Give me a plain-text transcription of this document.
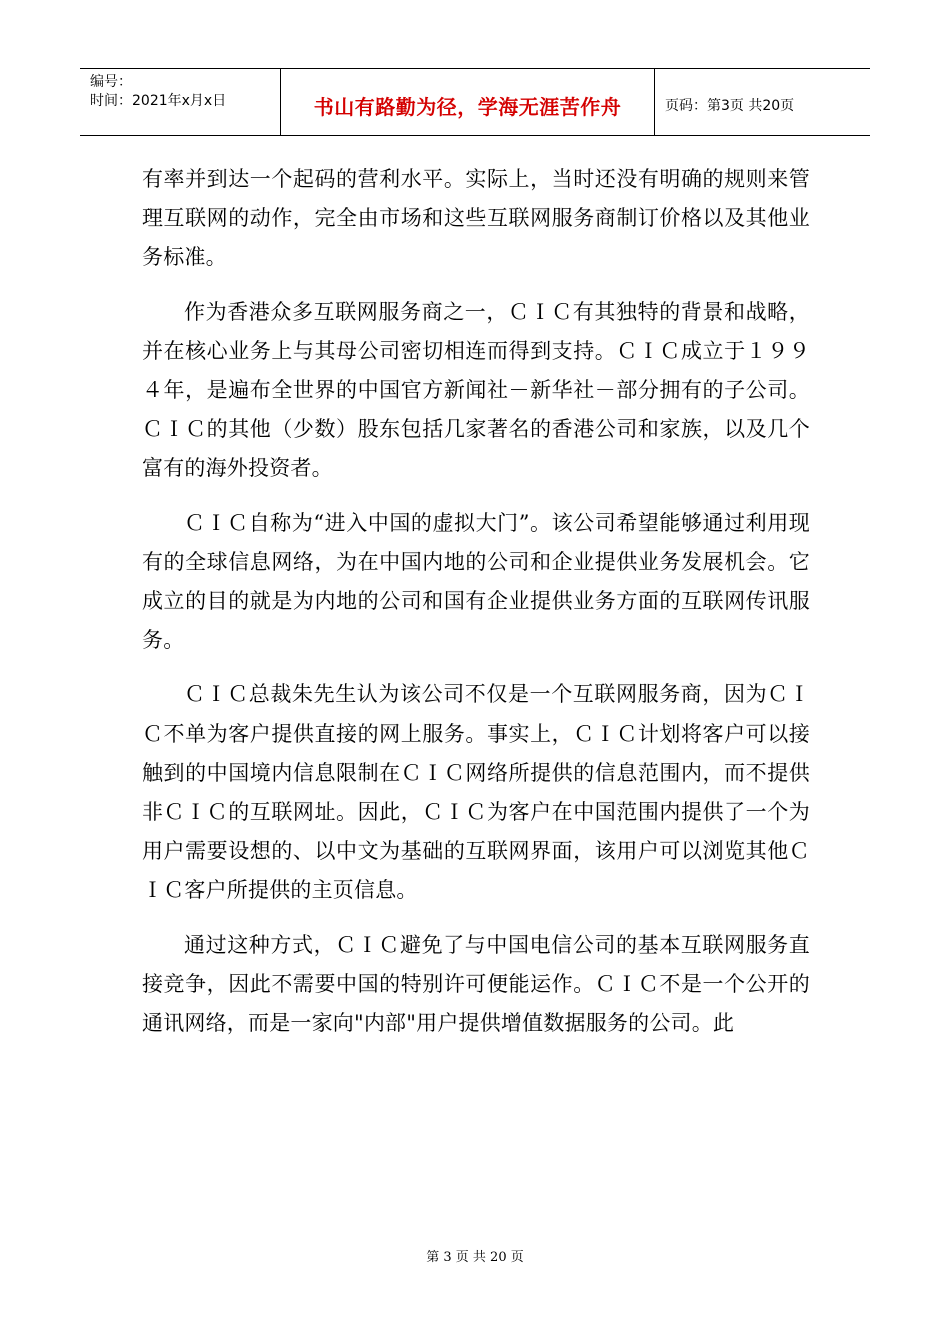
编号：
时间：2021年x月x日	书山有路勤为径，学海无涯苦作舟	页码：第3页 共20页

有率并到达一个起码的营利水平。实际上，当时还没有明确的规则来管理互联网的动作，完全由市场和这些互联网服务商制订价格以及其他业务标准。

作为香港众多互联网服务商之一，ＣＩＣ有其独特的背景和战略，并在核心业务上与其母公司密切相连而得到支持。ＣＩＣ成立于１９９４年，是遍布全世界的中国官方新闻社－新华社－部分拥有的子公司。ＣＩＣ的其他（少数）股东包括几家著名的香港公司和家族，以及几个富有的海外投资者。

ＣＩＣ自称为“进入中国的虚拟大门”。该公司希望能够通过利用现有的全球信息网络，为在中国内地的公司和企业提供业务发展机会。它成立的目的就是为内地的公司和国有企业提供业务方面的互联网传讯服务。

ＣＩＣ总裁朱先生认为该公司不仅是一个互联网服务商，因为ＣＩＣ不单为客户提供直接的网上服务。事实上，ＣＩＣ计划将客户可以接触到的中国境内信息限制在ＣＩＣ网络所提供的信息范围内，而不提供非ＣＩＣ的互联网址。因此，ＣＩＣ为客户在中国范围内提供了一个为用户需要设想的、以中文为基础的互联网界面，该用户可以浏览其他ＣＩＣ客户所提供的主页信息。

通过这种方式，ＣＩＣ避免了与中国电信公司的基本互联网服务直接竞争，因此不需要中国的特别许可便能运作。ＣＩＣ不是一个公开的通讯网络，而是一家向"内部"用户提供增值数据服务的公司。此

第 3 页 共 20 页
